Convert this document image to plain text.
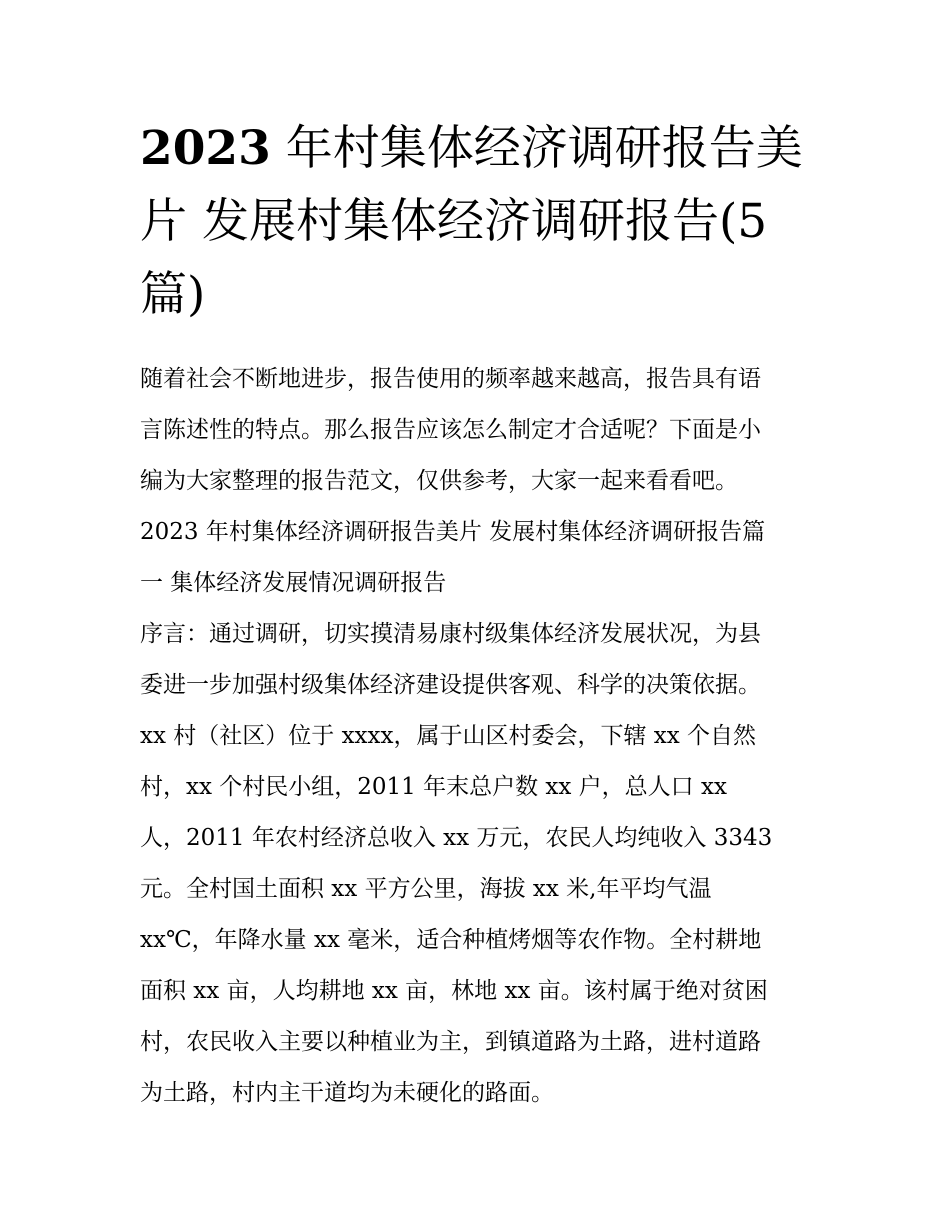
2023 年村集体经济调研报告美
片 发展村集体经济调研报告(5
篇)
随着社会不断地进步，报告使用的频率越来越高，报告具有语
言陈述性的特点。那么报告应该怎么制定才合适呢？下面是小
编为大家整理的报告范文，仅供参考，大家一起来看看吧。
2023 年村集体经济调研报告美片 发展村集体经济调研报告篇
一 集体经济发展情况调研报告
序言：通过调研，切实摸清易康村级集体经济发展状况，为县
委进一步加强村级集体经济建设提供客观、科学的决策依据。
xx 村（社区）位于 xxxx，属于山区村委会，下辖 xx 个自然
村，xx 个村民小组，2011 年末总户数 xx 户，总人口 xx
人，2011 年农村经济总收入 xx 万元，农民人均纯收入 3343
元。全村国土面积 xx 平方公里，海拔 xx 米,年平均气温
xx℃，年降水量 xx 毫米，适合种植烤烟等农作物。全村耕地
面积 xx 亩，人均耕地 xx 亩，林地 xx 亩。该村属于绝对贫困
村，农民收入主要以种植业为主，到镇道路为土路，进村道路
为土路，村内主干道均为未硬化的路面。
